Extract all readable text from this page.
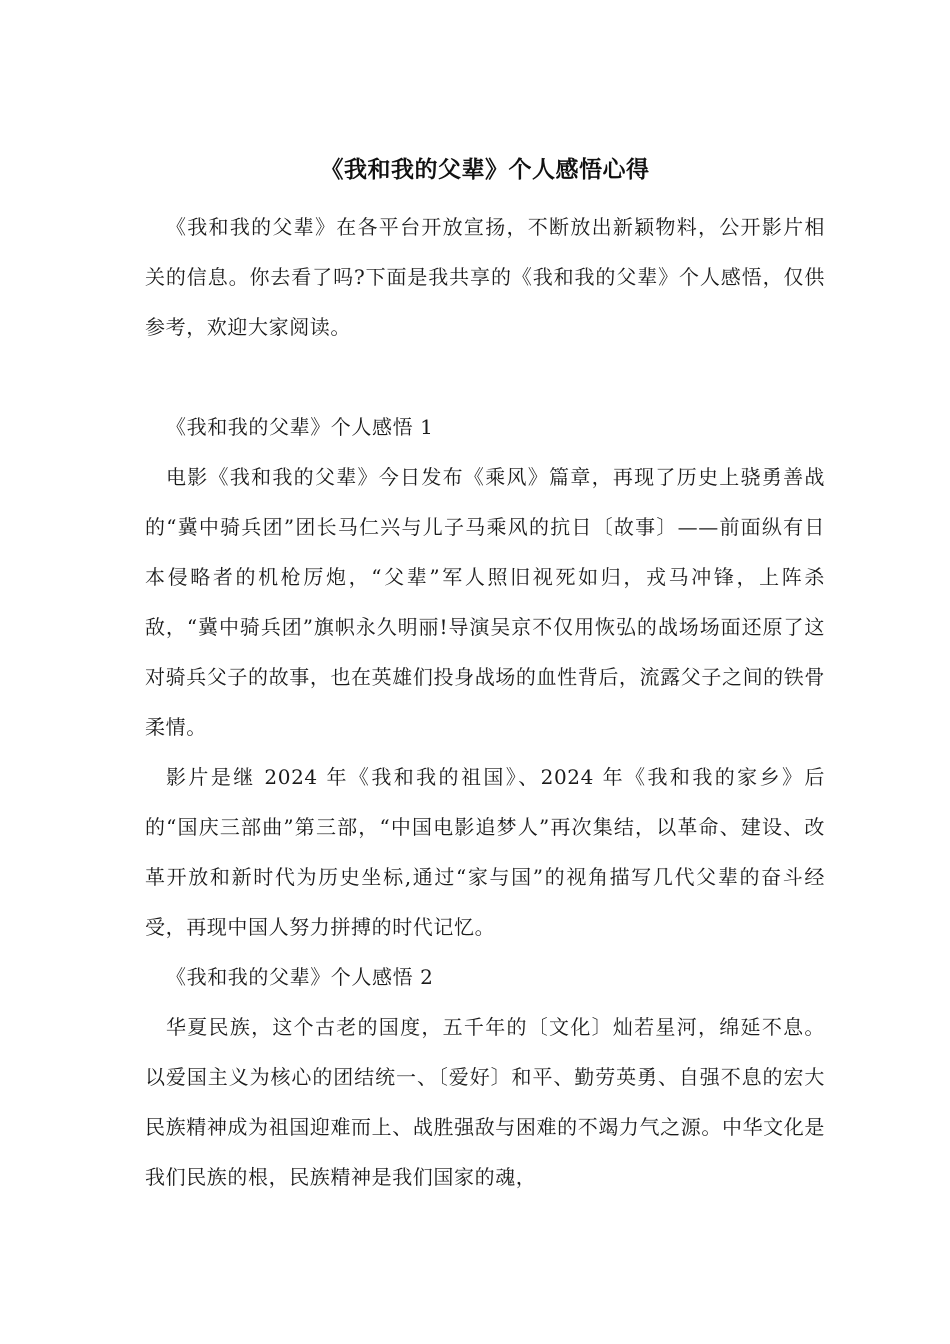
《我和我的父辈》个人感悟心得

《我和我的父辈》在各平台开放宣扬，不断放出新颖物料，公开影片相关的信息。你去看了吗?下面是我共享的《我和我的父辈》个人感悟，仅供参考，欢迎大家阅读。

《我和我的父辈》个人感悟 1

电影《我和我的父辈》今日发布《乘风》篇章，再现了历史上骁勇善战的“冀中骑兵团”团长马仁兴与儿子马乘风的抗日〔故事〕——前面纵有日本侵略者的机枪厉炮，“父辈”军人照旧视死如归，戎马冲锋，上阵杀敌，“冀中骑兵团”旗帜永久明丽!导演吴京不仅用恢弘的战场场面还原了这对骑兵父子的故事，也在英雄们投身战场的血性背后，流露父子之间的铁骨柔情。

影片是继 2024 年《我和我的祖国》、2024 年《我和我的家乡》后的“国庆三部曲”第三部，“中国电影追梦人”再次集结，以革命、建设、改革开放和新时代为历史坐标,通过“家与国”的视角描写几代父辈的奋斗经受，再现中国人努力拼搏的时代记忆。

《我和我的父辈》个人感悟 2

华夏民族，这个古老的国度，五千年的〔文化〕灿若星河，绵延不息。以爱国主义为核心的团结统一、〔爱好〕和平、勤劳英勇、自强不息的宏大民族精神成为祖国迎难而上、战胜强敌与困难的不竭力气之源。中华文化是我们民族的根，民族精神是我们国家的魂，
